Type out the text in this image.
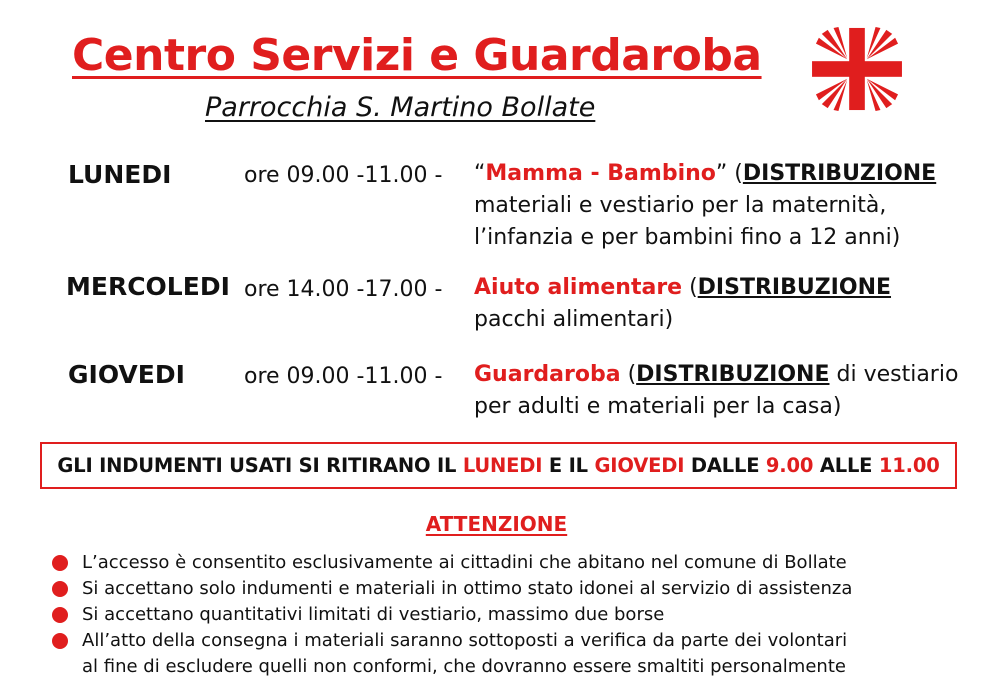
Centro Servizi e Guardaroba
Parrocchia S. Martino Bollate
LUNEDI	ore 09.00 -11.00 - “Mamma - Bambino” (DISTRIBUZIONE
materiali e vestiario per la maternità,
l’infanzia e per bambini fino a 12 anni)
MERCOLEDI ore 14.00 -17.00 - Aiuto alimentare (DISTRIBUZIONE
pacchi alimentari)
GIOVEDI	ore 09.00 -11.00 - Guardaroba (DISTRIBUZIONE di vestiario
per adulti e materiali per la casa)
GLI INDUMENTI USATI SI RITIRANO IL LUNEDI E IL GIOVEDI DALLE 9.00 ALLE 11.00
ATTENZIONE
L’accesso è consentito esclusivamente ai cittadini che abitano nel comune di Bollate
Si accettano solo indumenti e materiali in ottimo stato idonei al servizio di assistenza
Si accettano quantitativi limitati di vestiario, massimo due borse
All’atto della consegna i materiali saranno sottoposti a verifica da parte dei volontari
al fine di escludere quelli non conformi, che dovranno essere smaltiti personalmente
